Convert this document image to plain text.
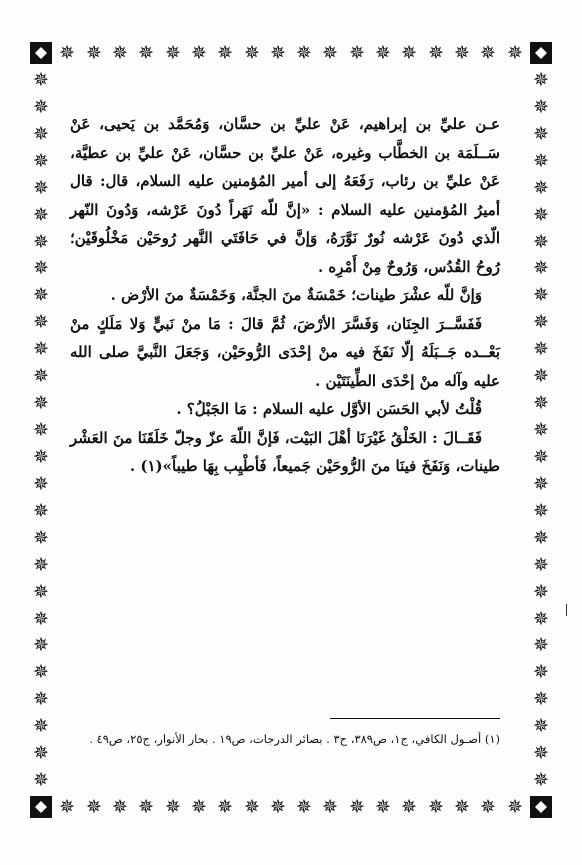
✵
✵
✵
✵
✵
✵
✵
✵
✵
✵
✵
✵
✵
✵
✵
✵
✵
✵
✵
✵
✵
✵
✵
✵
✵
✵
✵
✵
✵
✵
✵
✵
✵
✵
✵
✵
✵	✵
✵	✵
✵	✵
✵	✵
✵	✵
✵	✵
✵	✵
✵	✵
✵	✵
✵	✵
✵	✵
✵	✵
✵	✵
✵	✵
✵	✵
✵	✵
✵	✵
✵	✵
✵	✵
✵	✵
✵	✵
✵	✵
✵	✵
✵	✵
✵	✵
✵	✵
✵	✵

عـن عليِّ بن إبراهيم، عَنْ عليِّ بن حسَّان، وَمُحَمَّد بن يَحيى، عَنْ سَــلَمَة بن الخطَّاب وغيره، عَنْ عليِّ بن حسَّان، عَنْ عليِّ بن عطيَّة، عَنْ عليِّ بن رئاب، رَفَعَهُ إلى أمير المُؤمنين عليه السلام، قال: قال أميرُ المُؤمنين عليه السلام : «إنَّ للّه نَهَراً دُونَ عَرْشه، وَدُونَ النّهر الّذي دُونَ عَرْشه نُورٌ نَوَّرَهُ، وَإنَّ في حَافَتَي النَّهر رُوحَيْن مَخْلُوقَيْن؛ رُوحُ القُدُس، وَرُوحٌ مِنْ أَمْرِه .

وَإنَّ للّه عشْرَ طينات؛ خَمْسَةٌ منَ الجنَّة، وَخَمْسَةٌ منَ الأرْض .

فَفَسَّــرَ الجِنَان، وَفَسَّرَ الأرْضَ، ثُمَّ قالَ : مَا منْ نَبيٍّ وَلا مَلَكٍ منْ بَعْــده جَــبَلَهُ إلّا نَفَخَ فيه منْ إحْدَى الرُّوحَيْن، وَجَعَلَ النَّبيَّ صلى الله عليه وآله منْ إحْدَى الطِّينَتَيْن .

قُلْتُ لأبي الحَسَن الأوَّل عليه السلام : مَا الجَبْلُ؟ .

فَقَــالَ : الخَلْقُ غَيْرَنَا أهْلَ البَيْت، فَإنَّ اللّهَ عزّ وجلّ خَلَقَنَا منَ العَشْر طينات، وَنَفَخَ فينَا منَ الرُّوحَيْن جَميعاً، فَأطْيِب بِهَا طيباً»(١) .

(١) أصـول الكافي، ج١، ص٣٨٩، ح٣ . بصائر الدرجات، ص١٩ . بحار الأنوار، ج٢٥، ص٤٩ .
